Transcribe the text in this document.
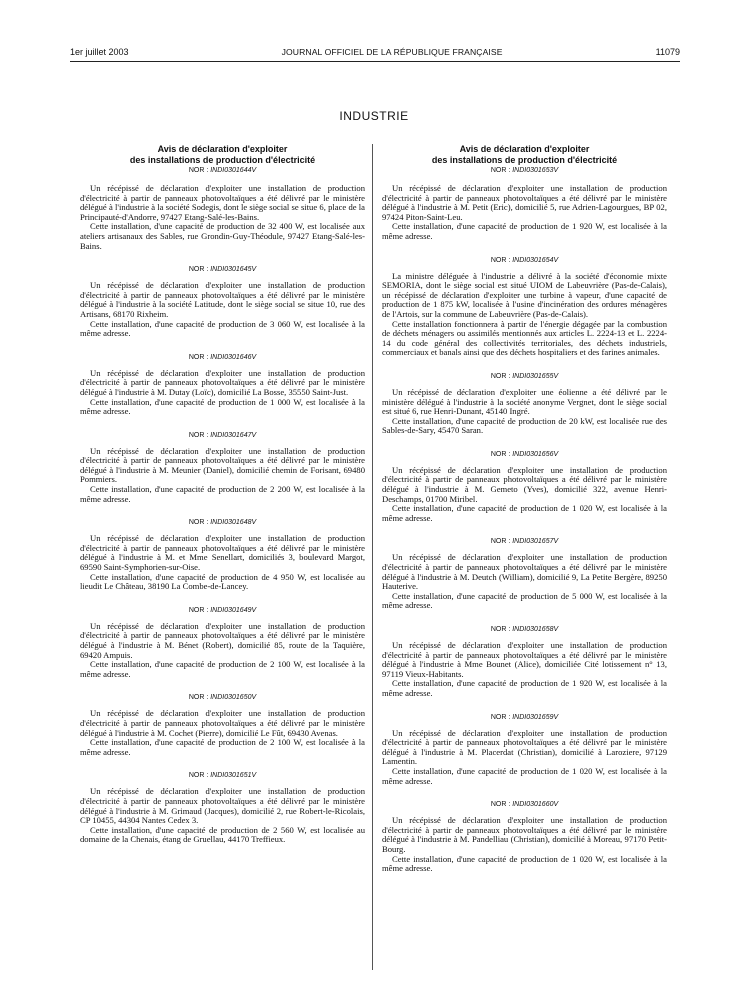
1er juillet 2003	JOURNAL OFFICIEL DE LA RÉPUBLIQUE FRANÇAISE	11079
INDUSTRIE
Avis de déclaration d'exploiter
des installations de production d'électricité
NOR : INDI0301644V

Un récépissé de déclaration d'exploiter une installation de production d'électricité à partir de panneaux photovoltaïques a été délivré par le ministère délégué à l'industrie à la société Sodegis, dont le siège social se situe 6, place de la Principauté-d'Andorre, 97427 Etang-Salé-les-Bains.

Cette installation, d'une capacité de production de 32 400 W, est localisée aux ateliers artisanaux des Sables, rue Grondin-Guy-Théodule, 97427 Etang-Salé-les-Bains.

NOR : INDI0301645V

Un récépissé de déclaration d'exploiter une installation de production d'électricité à partir de panneaux photovoltaïques a été délivré par le ministère délégué à l'industrie à la société Latitude, dont le siège social se situe 10, rue des Artisans, 68170 Rixheim.

Cette installation, d'une capacité de production de 3 060 W, est localisée à la même adresse.

NOR : INDI0301646V

Un récépissé de déclaration d'exploiter une installation de production d'électricité à partir de panneaux photovoltaïques a été délivré par le ministère délégué à l'industrie à M. Dutay (Loïc), domicilié La Bosse, 35550 Saint-Just.

Cette installation, d'une capacité de production de 1 000 W, est localisée à la même adresse.

NOR : INDI0301647V

Un récépissé de déclaration d'exploiter une installation de production d'électricité à partir de panneaux photovoltaïques a été délivré par le ministère délégué à l'industrie à M. Meunier (Daniel), domicilié chemin de Forisant, 69480 Pommiers.

Cette installation, d'une capacité de production de 2 200 W, est localisée à la même adresse.

NOR : INDI0301648V

Un récépissé de déclaration d'exploiter une installation de production d'électricité à partir de panneaux photovoltaïques a été délivré par le ministère délégué à l'industrie à M. et Mme Senellart, domiciliés 3, boulevard Margot, 69590 Saint-Symphorien-sur-Oise.

Cette installation, d'une capacité de production de 4 950 W, est localisée au lieudit Le Château, 38190 La Combe-de-Lancey.

NOR : INDI0301649V

Un récépissé de déclaration d'exploiter une installation de production d'électricité à partir de panneaux photovoltaïques a été délivré par le ministère délégué à l'industrie à M. Bénet (Robert), domicilié 85, route de la Taquière, 69420 Ampuis.

Cette installation, d'une capacité de production de 2 100 W, est localisée à la même adresse.

NOR : INDI0301650V

Un récépissé de déclaration d'exploiter une installation de production d'électricité à partir de panneaux photovoltaïques a été délivré par le ministère délégué à l'industrie à M. Cochet (Pierre), domicilié Le Fût, 69430 Avenas.

Cette installation, d'une capacité de production de 2 100 W, est localisée à la même adresse.

NOR : INDI0301651V

Un récépissé de déclaration d'exploiter une installation de production d'électricité à partir de panneaux photovoltaïques a été délivré par le ministère délégué à l'industrie à M. Grimaud (Jacques), domicilié 2, rue Robert-le-Ricolais, CP 10455, 44304 Nantes Cedex 3.

Cette installation, d'une capacité de production de 2 560 W, est localisée au domaine de la Chenais, étang de Gruellau, 44170 Treffieux.

Avis de déclaration d'exploiter
des installations de production d'électricité
NOR : INDI0301653V

Un récépissé de déclaration d'exploiter une installation de production d'électricité à partir de panneaux photovoltaïques a été délivré par le ministère délégué à l'industrie à M. Petit (Eric), domicilié 5, rue Adrien-Lagourgues, BP 02, 97424 Piton-Saint-Leu.

Cette installation, d'une capacité de production de 1 920 W, est localisée à la même adresse.

NOR : INDI0301654V

La ministre déléguée à l'industrie a délivré à la société d'économie mixte SEMORIA, dont le siège social est situé UIOM de Labeuvrière (Pas-de-Calais), un récépissé de déclaration d'exploiter une turbine à vapeur, d'une capacité de production de 1 875 kW, localisée à l'usine d'incinération des ordures ménagères de l'Artois, sur la commune de Labeuvrière (Pas-de-Calais).

Cette installation fonctionnera à partir de l'énergie dégagée par la combustion de déchets ménagers ou assimilés mentionnés aux articles L. 2224-13 et L. 2224-14 du code général des collectivités territoriales, des déchets industriels, commerciaux et banals ainsi que des déchets hospitaliers et des farines animales.

NOR : INDI0301655V

Un récépissé de déclaration d'exploiter une éolienne a été délivré par le ministère délégué à l'industrie à la société anonyme Vergnet, dont le siège social est situé 6, rue Henri-Dunant, 45140 Ingré.

Cette installation, d'une capacité de production de 20 kW, est localisée rue des Sables-de-Sary, 45470 Saran.

NOR : INDI0301656V

Un récépissé de déclaration d'exploiter une installation de production d'électricité à partir de panneaux photovoltaïques a été délivré par le ministère délégué à l'industrie à M. Gemeto (Yves), domicilié 322, avenue Henri-Deschamps, 01700 Miribel.

Cette installation, d'une capacité de production de 1 020 W, est localisée à la même adresse.

NOR : INDI0301657V

Un récépissé de déclaration d'exploiter une installation de production d'électricité à partir de panneaux photovoltaïques a été délivré par le ministère délégué à l'industrie à M. Deutch (William), domicilié 9, La Petite Bergère, 89250 Hauterive.

Cette installation, d'une capacité de production de 5 000 W, est localisée à la même adresse.

NOR : INDI0301658V

Un récépissé de déclaration d'exploiter une installation de production d'électricité à partir de panneaux photovoltaïques a été délivré par le ministère délégué à l'industrie à Mme Bounet (Alice), domiciliée Cité lotissement n° 13, 97119 Vieux-Habitants.

Cette installation, d'une capacité de production de 1 920 W, est localisée à la même adresse.

NOR : INDI0301659V

Un récépissé de déclaration d'exploiter une installation de production d'électricité à partir de panneaux photovoltaïques a été délivré par le ministère délégué à l'industrie à M. Placerdat (Christian), domicilié à Laroziere, 97129 Lamentin.

Cette installation, d'une capacité de production de 1 020 W, est localisée à la même adresse.

NOR : INDI0301660V

Un récépissé de déclaration d'exploiter une installation de production d'électricité à partir de panneaux photovoltaïques a été délivré par le ministère délégué à l'industrie à M. Pandelliau (Christian), domicilié à Moreau, 97170 Petit-Bourg.

Cette installation, d'une capacité de production de 1 020 W, est localisée à la même adresse.
